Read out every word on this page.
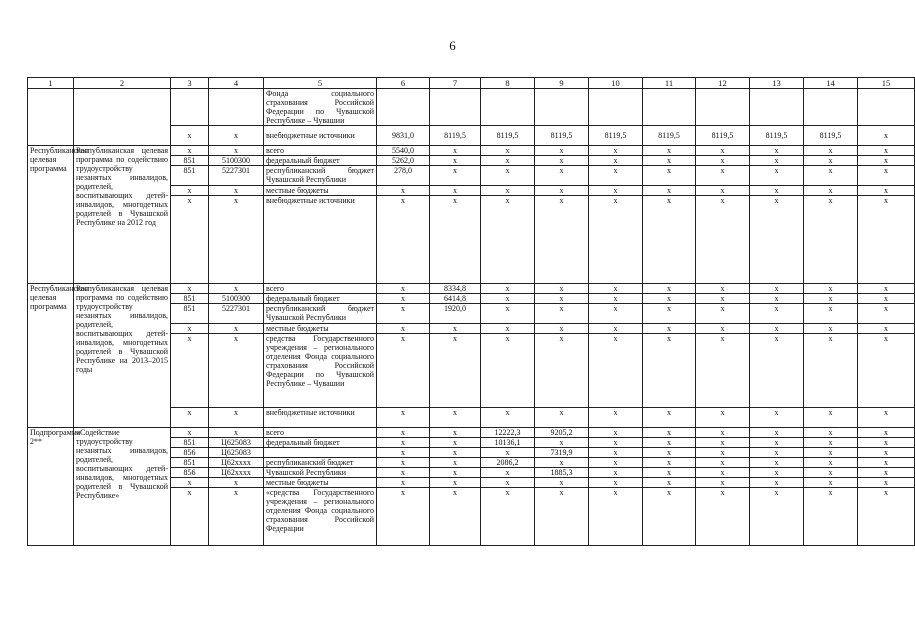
6
1	2	3	4	5	6	7	8	9	10	11	12	13	14	15
				Фонда социального страхования Российской Федерации по Чувашской Республике – Чувашии										
		x	x	внебюджетные источники	9831,0	8119,5	8119,5	8119,5	8119,5	8119,5	8119,5	8119,5	8119,5	x
Республиканская целевая программа	Республиканская целевая программа по содействию трудоустройству незанятых инвалидов, родителей, воспитывающих детей-инвалидов, многодетных родителей в Чувашской Республике на 2012 год	x	x	всего	5540,0	x	x	x	x	x	x	x	x	x
		851	5100300	федеральный бюджет	5262,0	x	x	x	x	x	x	x	x	x
		851	5227301	республиканский бюджет Чувашской Республики	278,0	x	x	x	x	x	x	x	x	x
		x	x	местные бюджеты	x	x	x	x	x	x	x	x	x	x
		x	x	внебюджетные источники	x	x	x	x	x	x	x	x	x	x
Республиканская целевая программа	Республиканская целевая программа по содействию трудоустройству незанятых инвалидов, родителей, воспитывающих детей-инвалидов, многодетных родителей в Чувашской Республике на 2013–2015 годы	x	x	всего	x	8334,8	x	x	x	x	x	x	x	x
		851	5100300	федеральный бюджет	x	6414,8	x	x	x	x	x	x	x	x
		851	5227301	республиканский бюджет Чувашской Республики	x	1920,0	x	x	x	x	x	x	x	x
		x	x	местные бюджеты	x	x	x	x	x	x	x	x	x	x
		x	x	средства Государственного учреждения – регионального отделения Фонда социального страхования Российской Федерации по Чувашской Республике – Чувашии	x	x	x	x	x	x	x	x	x	x
		x	x	внебюджетные источники	x	x	x	x	x	x	x	x	x	x
Подпрограмма 2**	«Содействие трудоустройству незанятых инвалидов, родителей, воспитывающих детей-инвалидов, многодетных родителей в Чувашской Республике»	x	x	всего	x	x	12222,3	9205,2	x	x	x	x	x	x
		851	Ц625083	федеральный бюджет	x	x	10136,1	x	x	x	x	x	x	x
		856	Ц625083		x	x	x	7319,9	x	x	x	x	x	x
		851	Ц62xxxx	республиканский бюджет	x	x	2086,2	x	x	x	x	x	x	x
		856	Ц62xxxx	Чувашской Республики	x	x	x	1885,3	x	x	x	x	x	x
		x	x	местные бюджеты	x	x	x	x	x	x	x	x	x	x
		x	x	«средства Государственного учреждения – регионального отделения Фонда социального страхования Российской Федерации	x	x	x	x	x	x	x	x	x	x
